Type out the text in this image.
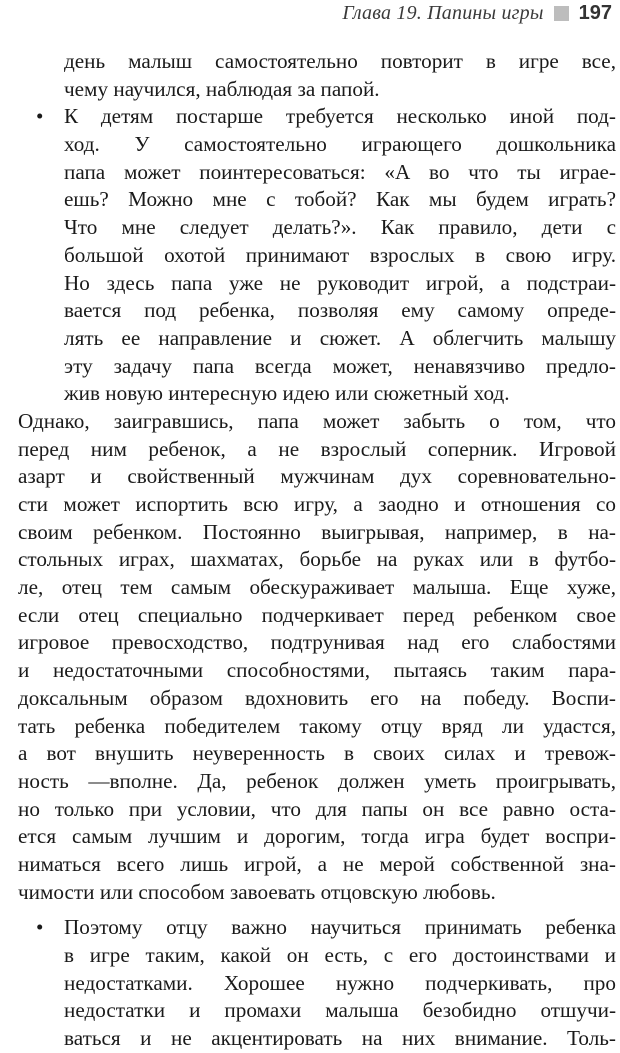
Глава 19. Папины игры 197
день малыш самостоятельно повторит в игре все,
чему научился, наблюдая за папой.
• К детям постарше требуется несколько иной под-
ход. У самостоятельно играющего дошкольника
папа может поинтересоваться: «А во что ты играе-
ешь? Можно мне с тобой? Как мы будем играть?
Что мне следует делать?». Как правило, дети с
большой охотой принимают взрослых в свою игру.
Но здесь папа уже не руководит игрой, а подстраи-
вается под ребенка, позволяя ему самому опреде-
лять ее направление и сюжет. А облегчить малышу
эту задачу папа всегда может, ненавязчиво предло-
жив новую интересную идею или сюжетный ход.
Однако, заигравшись, папа может забыть о том, что
перед ним ребенок, а не взрослый соперник. Игровой
азарт и свойственный мужчинам дух соревновательно-
сти может испортить всю игру, а заодно и отношения со
своим ребенком. Постоянно выигрывая, например, в на-
стольных играх, шахматах, борьбе на руках или в футбо-
ле, отец тем самым обескураживает малыша. Еще хуже,
если отец специально подчеркивает перед ребенком свое
игровое превосходство, подтрунивая над его слабостями
и недостаточными способностями, пытаясь таким пара-
доксальным образом вдохновить его на победу. Воспи-
тать ребенка победителем такому отцу вряд ли удастся,
а вот внушить неуверенность в своих силах и тревож-
ность —вполне. Да, ребенок должен уметь проигрывать,
но только при условии, что для папы он все равно оста-
ется самым лучшим и дорогим, тогда игра будет воспри-
ниматься всего лишь игрой, а не мерой собственной зна-
чимости или способом завоевать отцовскую любовь.
• Поэтому отцу важно научиться принимать ребенка
в игре таким, какой он есть, с его достоинствами и
недостатками. Хорошее нужно подчеркивать, про
недостатки и промахи малыша безобидно отшучи-
ваться и не акцентировать на них внимание. Толь-
